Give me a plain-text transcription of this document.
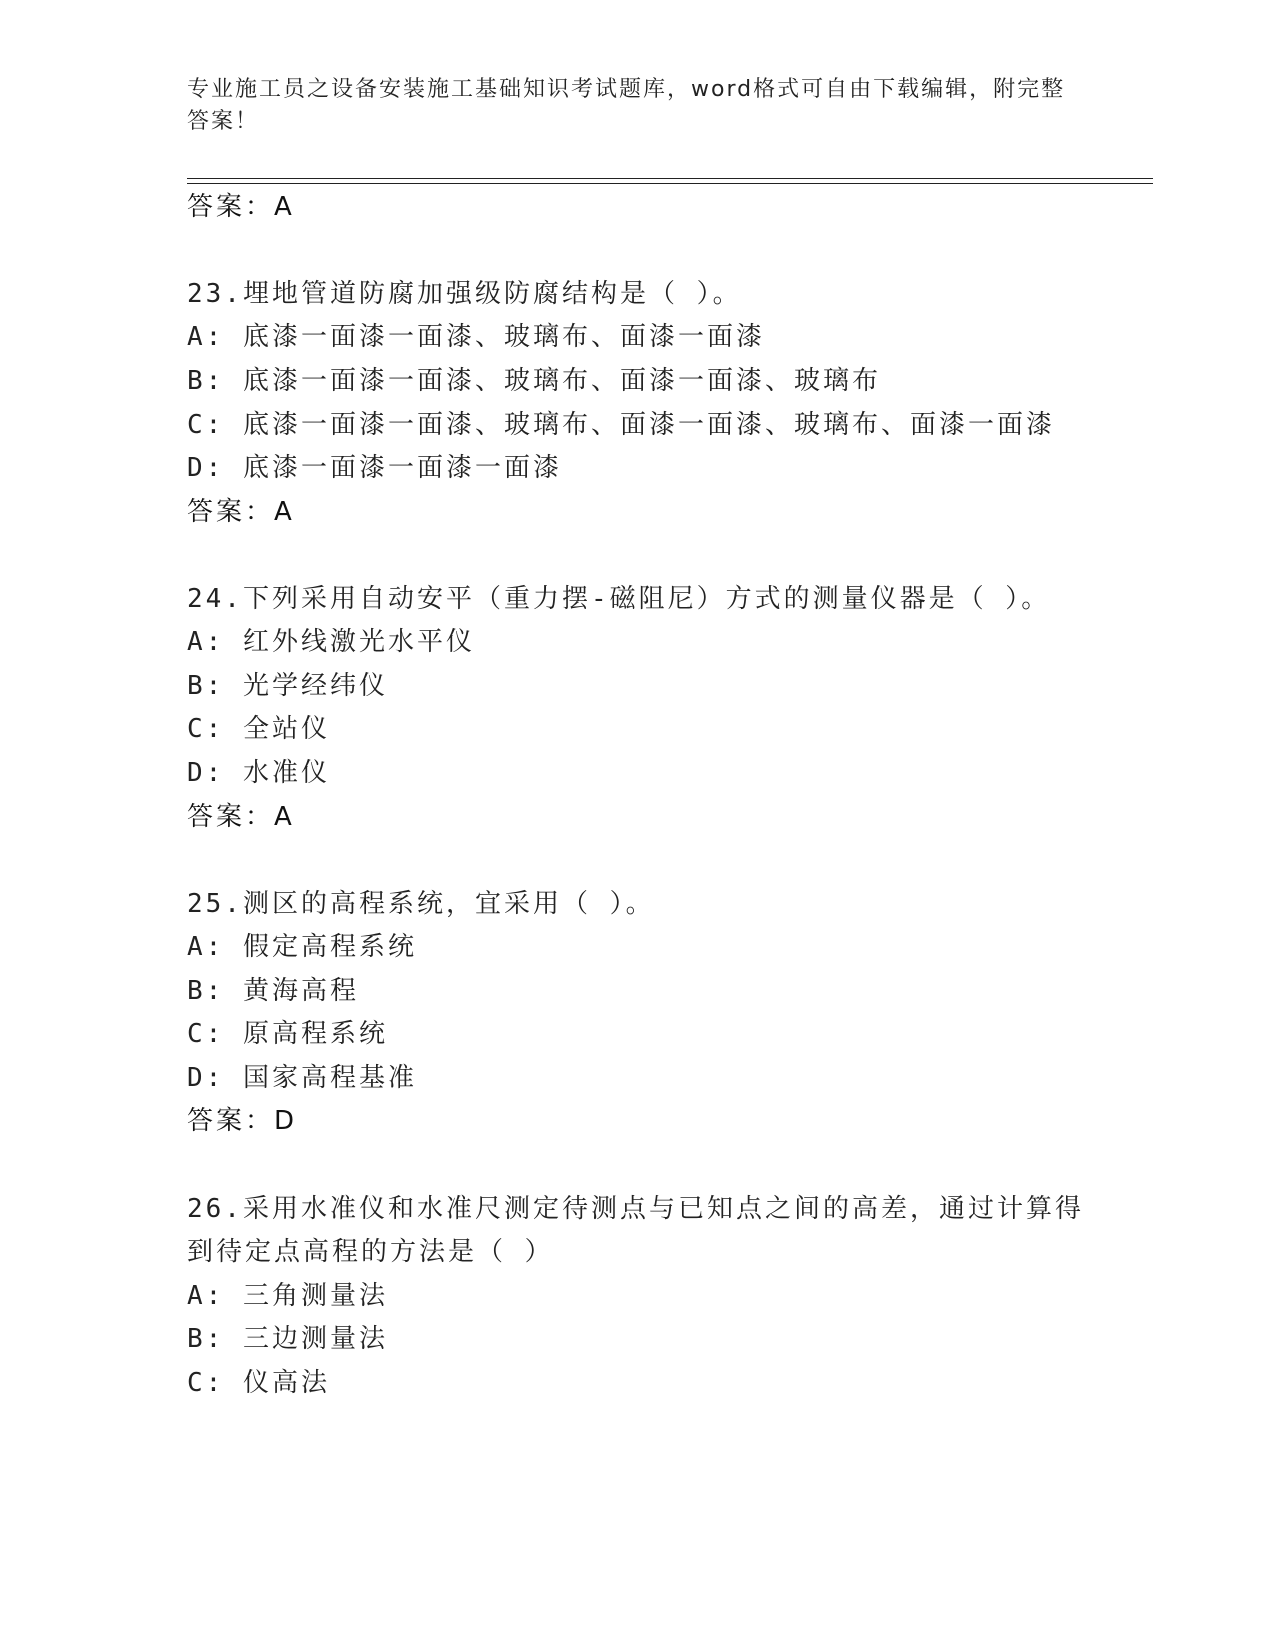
专业施工员之设备安装施工基础知识考试题库，word格式可自由下载编辑，附完整答案！
答案：A
23.埋地管道防腐加强级防腐结构是（ ）。
A: 底漆一面漆一面漆、玻璃布、面漆一面漆
B: 底漆一面漆一面漆、玻璃布、面漆一面漆、玻璃布
C: 底漆一面漆一面漆、玻璃布、面漆一面漆、玻璃布、面漆一面漆
D: 底漆一面漆一面漆一面漆
答案：A
24.下列采用自动安平（重力摆-磁阻尼）方式的测量仪器是（ ）。
A: 红外线激光水平仪
B: 光学经纬仪
C: 全站仪
D: 水准仪
答案：A
25.测区的高程系统，宜采用（ ）。
A: 假定高程系统
B: 黄海高程
C: 原高程系统
D: 国家高程基准
答案：D
26.采用水准仪和水准尺测定待测点与已知点之间的高差，通过计算得
到待定点高程的方法是（ ）
A: 三角测量法
B: 三边测量法
C: 仪高法
